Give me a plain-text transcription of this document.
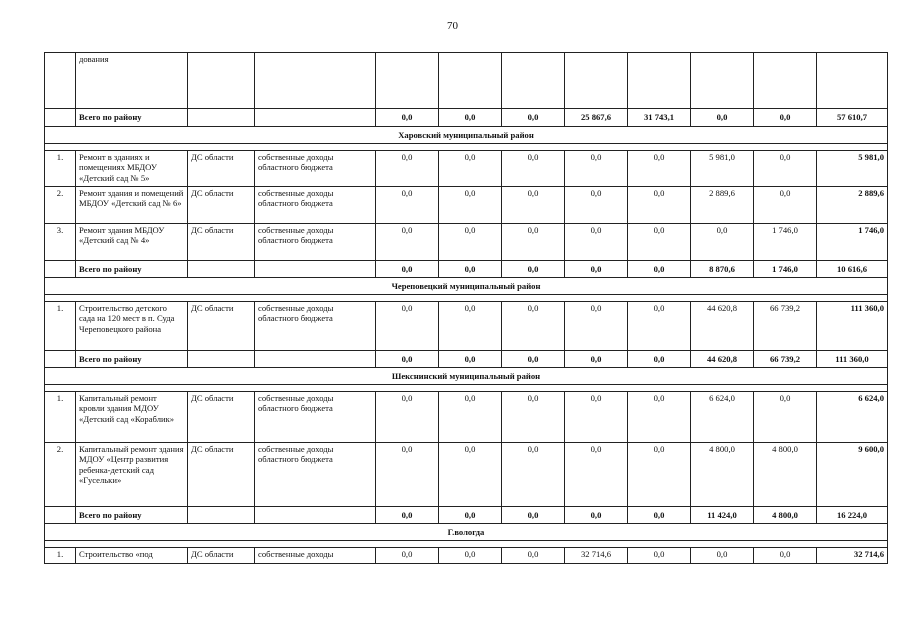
70
	дования										
	Всего по району			0,0	0,0	0,0	25 867,6	31 743,1	0,0	0,0	57 610,7
Харовский муниципальный район											

1.	Ремонт в зданиях и помещениях МБДОУ «Детский сад № 5»	ДС области	собственные доходы областного бюджета	0,0	0,0	0,0	0,0	0,0	5 981,0	0,0	5 981,0
2.	Ремонт здания и помещений МБДОУ «Детский сад № 6»	ДС области	собственные доходы областного бюджета	0,0	0,0	0,0	0,0	0,0	2 889,6	0,0	2 889,6
3.	Ремонт здания МБДОУ «Детский сад № 4»	ДС области	собственные доходы областного бюджета	0,0	0,0	0,0	0,0	0,0	0,0	1 746,0	1 746,0
	Всего по району			0,0	0,0	0,0	0,0	0,0	8 870,6	1 746,0	10 616,6
Череповецкий муниципальный район											

1.	Строительство детского сада на 120 мест в п. Суда Череповецкого района	ДС области	собственные доходы областного бюджета	0,0	0,0	0,0	0,0	0,0	44 620,8	66 739,2	111 360,0
	Всего по району			0,0	0,0	0,0	0,0	0,0	44 620,8	66 739,2	111 360,0
Шекснинский муниципальный район											

1.	Капитальный ремонт кровли здания МДОУ «Детский сад «Кораблик»	ДС области	собственные доходы областного бюджета	0,0	0,0	0,0	0,0	0,0	6 624,0	0,0	6 624,0
2.	Капитальный ремонт здания МДОУ «Центр развития ребенка-детский сад «Гусельки»	ДС области	собственные доходы областного бюджета	0,0	0,0	0,0	0,0	0,0	4 800,0	4 800,0	9 600,0
	Всего по району			0,0	0,0	0,0	0,0	0,0	11 424,0	4 800,0	16 224,0
Г.вологда											

1.	Строительство «под	ДС области	собственные доходы	0,0	0,0	0,0	32 714,6	0,0	0,0	0,0	32 714,6
